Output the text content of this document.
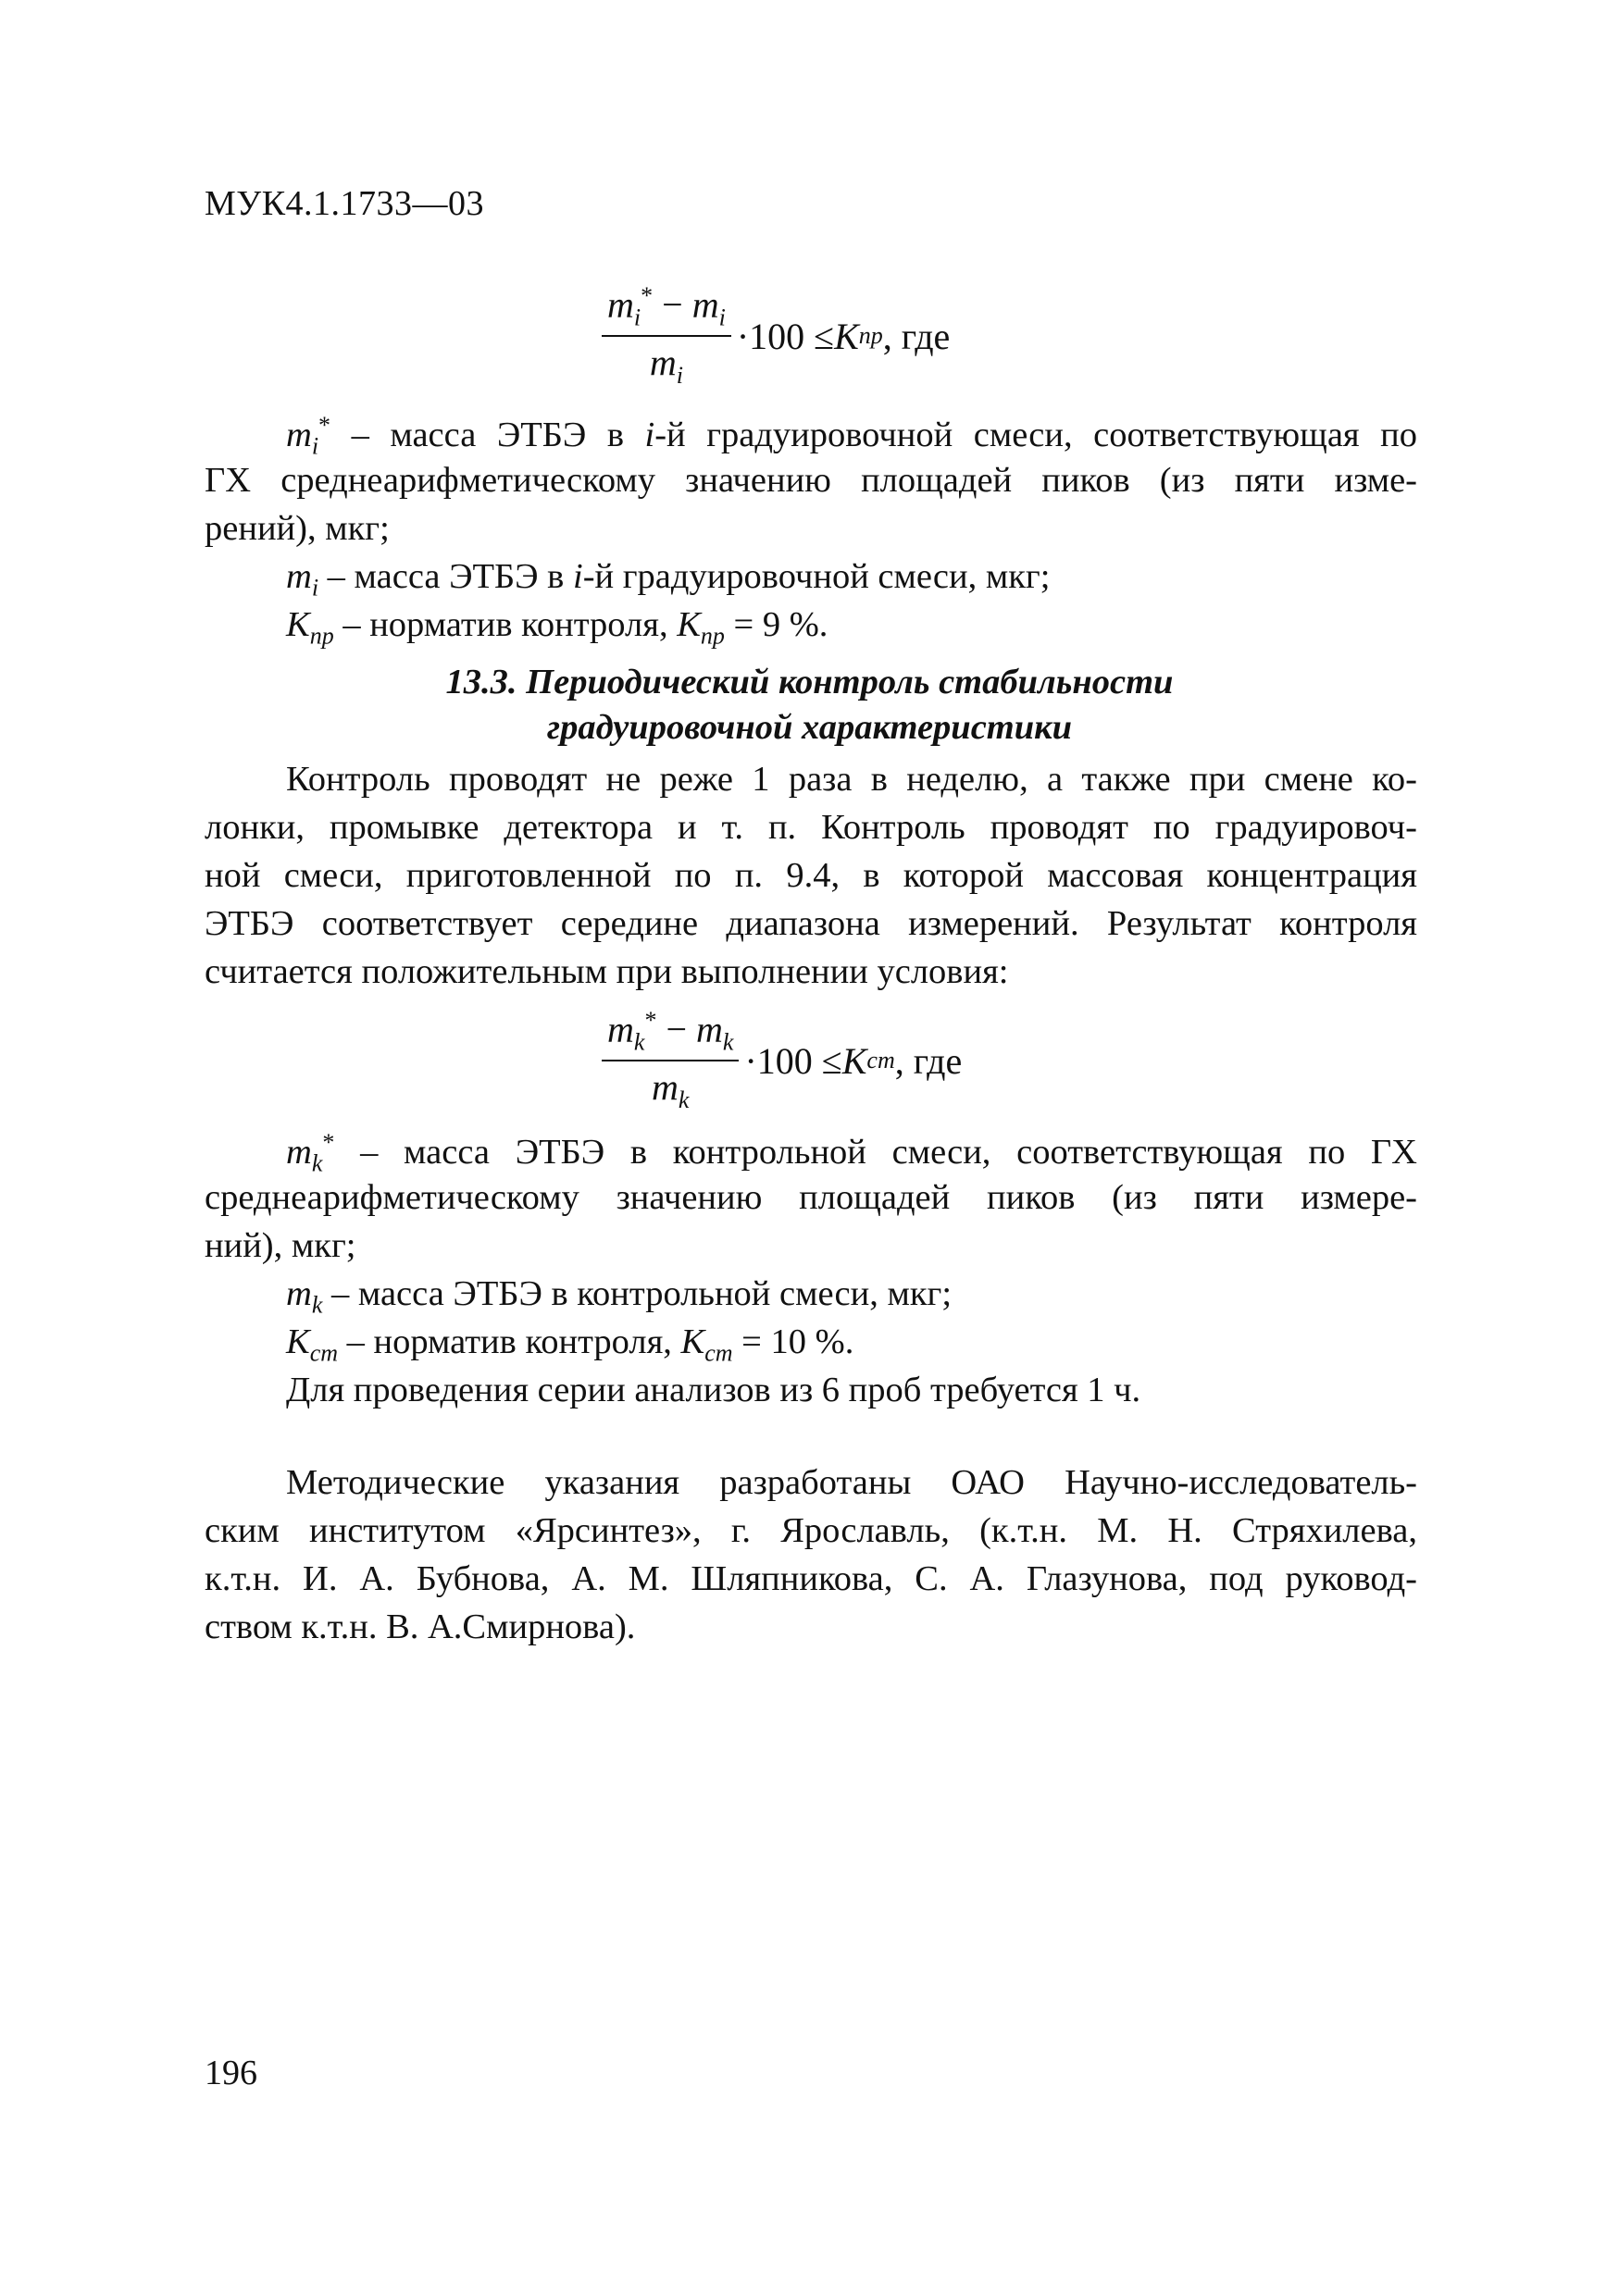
МУК4.1.1733—03
$\frac{m_i^* - m_i}{m_i} \cdot 100 \le K$ np , где
$m_i^*$ – масса ЭТБЭ в i-й градуировочной смеси, соответствующая по
ГХ среднеарифметическому значению площадей пиков (из пяти изме-
рений), мкг;
$m_i$ – масса ЭТБЭ в i-й градуировочной смеси, мкг;
$K_{np}$ – норматив контроля, $K_{np} = 9$ %.
13.3. Периодический контроль стабильности
градуировочной характеристики
Контроль проводят не реже 1 раза в неделю, а также при смене ко-
лонки, промывке детектора и т. п. Контроль проводят по градуировоч-
ной смеси, приготовленной по п. 9.4, в которой массовая концентрация
ЭТБЭ соответствует середине диапазона измерений. Результат контроля
считается положительным при выполнении условия:
$\frac{m_k^* - m_k}{m_k} \cdot 100 \le K$ cm , где
$m_k^*$ – масса ЭТБЭ в контрольной смеси, соответствующая по ГХ
среднеарифметическому значению площадей пиков (из пяти измере-
ний), мкг;
$m_k$ – масса ЭТБЭ в контрольной смеси, мкг;
$K_{cm}$ – норматив контроля, $K_{cm} = 10$ %.
Для проведения серии анализов из 6 проб требуется 1 ч.
Методические указания разработаны ОАО Научно-исследователь-
ским институтом «Ярсинтез», г. Ярославль, (к.т.н. М. Н. Стряхилева,
к.т.н. И. А. Бубнова, А. М. Шляпникова, С. А. Глазунова, под руковод-
ством к.т.н. В. А.Смирнова).
196
